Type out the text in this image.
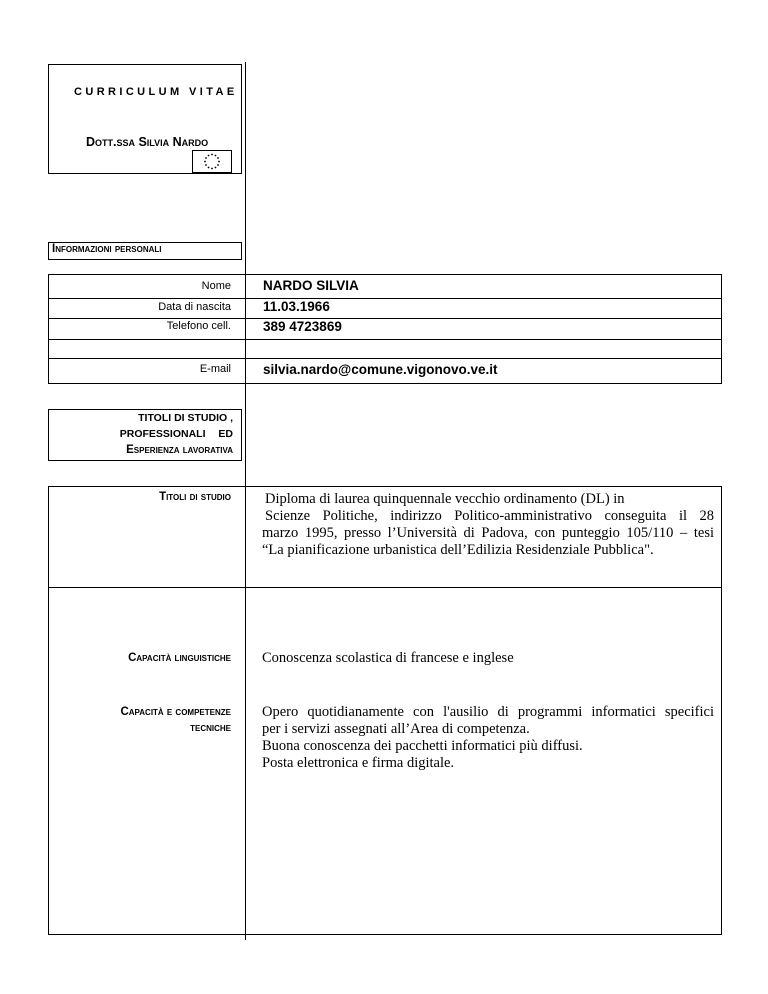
CURRICULUM VITAE
Dott.ssa Silvia Nardo
Informazioni personali
Nome NARDO SILVIA
Data di nascita 11.03.1966
Telefono cell. 389 4723869
E-mail silvia.nardo@comune.vigonovo.ve.it
TITOLI DI STUDIO ,
PROFESSIONALI ED
Esperienza lavorativa
Titoli di studio Diploma di laurea quinquennale vecchio ordinamento (DL) in
Scienze Politiche, indirizzo Politico-amministrativo conseguita il 28
marzo 1995, presso l’Università di Padova, con punteggio 105/110 – tesi
“La pianificazione urbanistica dell’Edilizia Residenziale Pubblica".
Capacità linguistiche Conoscenza scolastica di francese e inglese
Capacità e competenze
tecniche
Opero quotidianamente con l'ausilio di programmi informatici specifici
per i servizi assegnati all’Area di competenza.
Buona conoscenza dei pacchetti informatici più diffusi.
Posta elettronica e firma digitale.
